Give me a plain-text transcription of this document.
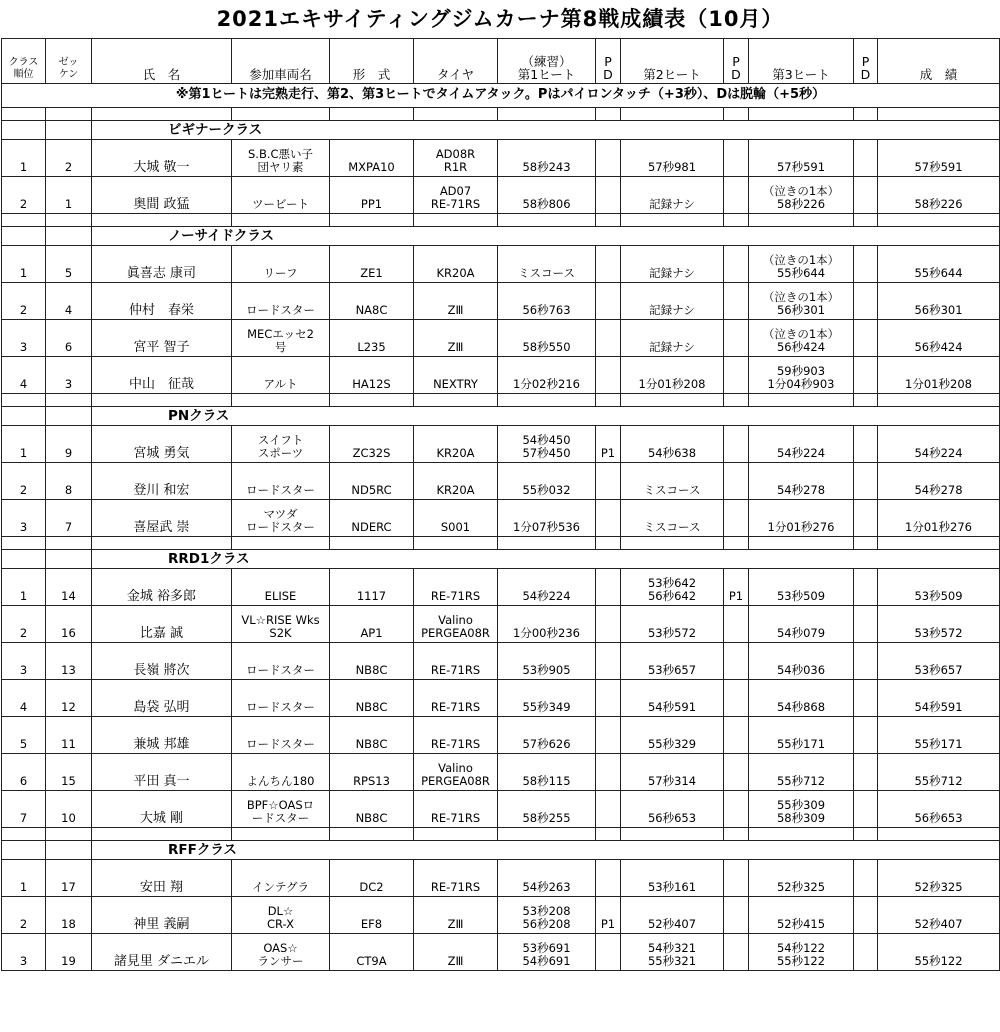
2021エキサイティングジムカーナ第8戦成績表（10月）
クラス
順位	ゼッ
ケン	氏　名	参加車両名	形　式	タイヤ	（練習）
第1ヒート	P
D	第2ヒート	P
D	第3ヒート	P
D	成　績
※第1ヒートは完熟走行、第2、第3ヒートでタイムアタック。Pはパイロンタッチ（+3秒）、Dは脱輪（+5秒）												

		ビギナークラス										
1	2	大城 敬一	S.B.C悪い子
団ヤリ素	MXPA10	AD08R
R1R	58秒243		57秒981		57秒591		57秒591
2	1	奥間 政猛	ツービート	PP1	AD07
RE-71RS	58秒806		記録ナシ		（泣きの1本）
58秒226		58秒226

		ノーサイドクラス										
1	5	眞喜志 康司	リーフ	ZE1	KR20A	ミスコース		記録ナシ		（泣きの1本）
55秒644		55秒644
2	4	仲村　春栄	ロードスター	NA8C	ZⅢ	56秒763		記録ナシ		（泣きの1本）
56秒301		56秒301
3	6	宮平 智子	MECエッセ2
号	L235	ZⅢ	58秒550		記録ナシ		（泣きの1本）
56秒424		56秒424
4	3	中山　征哉	アルト	HA12S	NEXTRY	1分02秒216		1分01秒208		59秒903
1分04秒903		1分01秒208

		PNクラス										
1	9	宮城 勇気	スイフト
スポーツ	ZC32S	KR20A	54秒450
57秒450	P1	54秒638		54秒224		54秒224
2	8	登川 和宏	ロードスター	ND5RC	KR20A	55秒032		ミスコース		54秒278		54秒278
3	7	喜屋武 崇	マツダ
ロードスター	NDERC	S001	1分07秒536		ミスコース		1分01秒276		1分01秒276

		RRD1クラス										
1	14	金城 裕多郎	ELISE	1117	RE-71RS	54秒224		53秒642
56秒642	P1	53秒509		53秒509
2	16	比嘉 誠	VL☆RISE Wks
S2K	AP1	Valino
PERGEA08R	1分00秒236		53秒572		54秒079		53秒572
3	13	長嶺 將次	ロードスター	NB8C	RE-71RS	53秒905		53秒657		54秒036		53秒657
4	12	島袋 弘明	ロードスター	NB8C	RE-71RS	55秒349		54秒591		54秒868		54秒591
5	11	兼城 邦雄	ロードスター	NB8C	RE-71RS	57秒626		55秒329		55秒171		55秒171
6	15	平田 真一	よんちん180	RPS13	Valino
PERGEA08R	58秒115		57秒314		55秒712		55秒712
7	10	大城 剛	BPF☆OASロ
ードスター	NB8C	RE-71RS	58秒255		56秒653		55秒309
58秒309		56秒653

		RFFクラス										
1	17	安田 翔	インテグラ	DC2	RE-71RS	54秒263		53秒161		52秒325		52秒325
2	18	神里 義嗣	DL☆
CR-X	EF8	ZⅢ	53秒208
56秒208	P1	52秒407		52秒415		52秒407
3	19	諸見里 ダニエル	OAS☆
ランサー	CT9A	ZⅢ	53秒691
54秒691		54秒321
55秒321		54秒122
55秒122		55秒122
